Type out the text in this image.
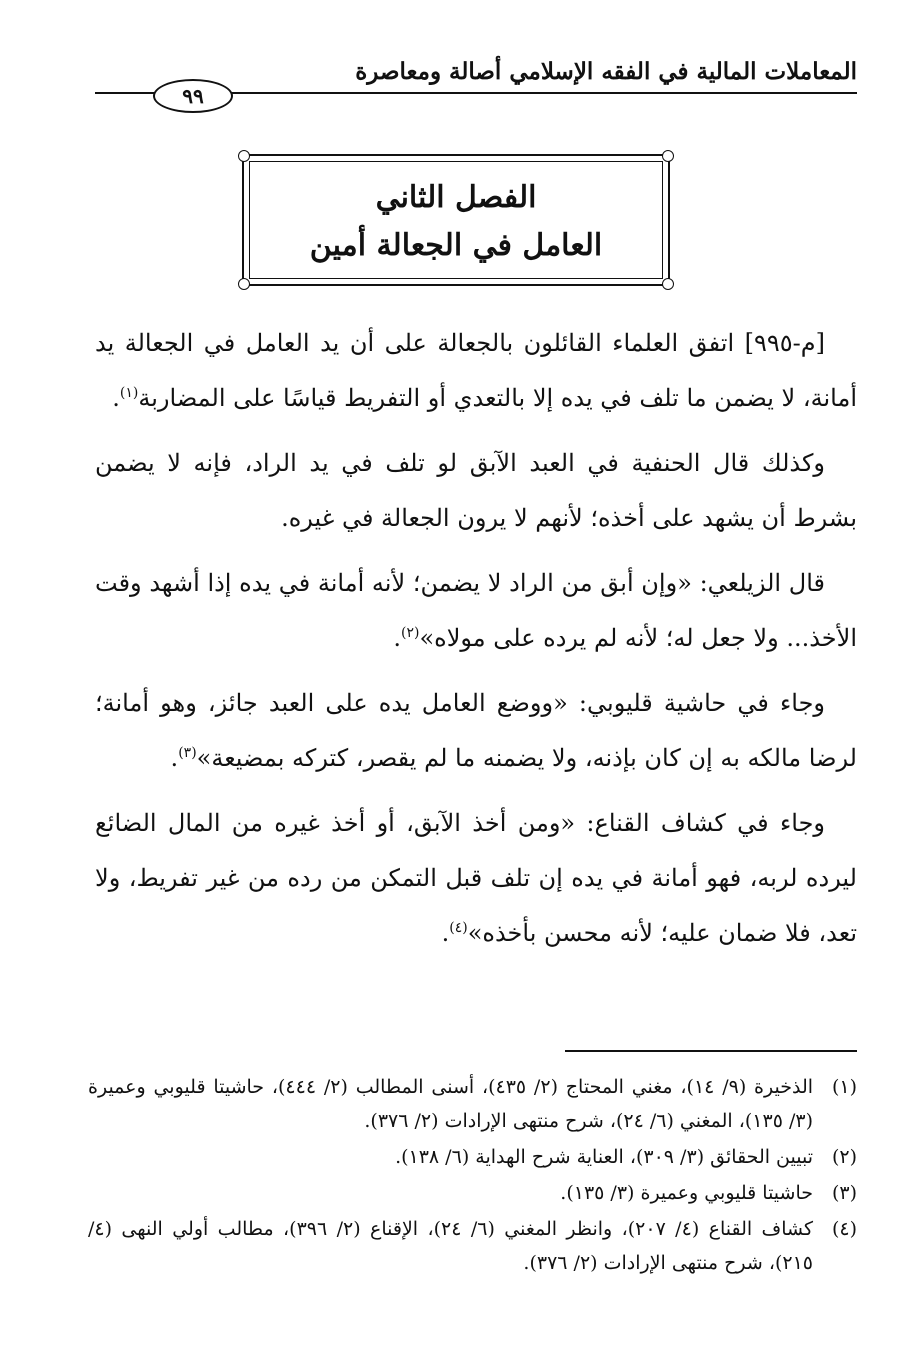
المعاملات المالية في الفقه الإسلامي أصالة ومعاصرة
٩٩
الفصل الثاني
العامل في الجعالة أمين

[م-٩٩٥] اتفق العلماء القائلون بالجعالة على أن يد العامل في الجعالة يد أمانة، لا يضمن ما تلف في يده إلا بالتعدي أو التفريط قياسًا على المضاربة$^{(١)}$.

وكذلك قال الحنفية في العبد الآبق لو تلف في يد الراد، فإنه لا يضمن بشرط أن يشهد على أخذه؛ لأنهم لا يرون الجعالة في غيره.

قال الزيلعي: «وإن أبق من الراد لا يضمن؛ لأنه أمانة في يده إذا أشهد وقت الأخذ... ولا جعل له؛ لأنه لم يرده على مولاه»$^{(٢)}$.

وجاء في حاشية قليوبي: «ووضع العامل يده على العبد جائز، وهو أمانة؛ لرضا مالكه به إن كان بإذنه، ولا يضمنه ما لم يقصر، كتركه بمضيعة»$^{(٣)}$.

وجاء في كشاف القناع: «ومن أخذ الآبق، أو أخذ غيره من المال الضائع ليرده لربه، فهو أمانة في يده إن تلف قبل التمكن من رده من غير تفريط، ولا تعد، فلا ضمان عليه؛ لأنه محسن بأخذه»$^{(٤)}$.

(١)
الذخيرة (٩/ ١٤)، مغني المحتاج (٢/ ٤٣٥)، أسنى المطالب (٢/ ٤٤٤)، حاشيتا قليوبي وعميرة (٣/ ١٣٥)، المغني (٦/ ٢٤)، شرح منتهى الإرادات (٢/ ٣٧٦).
(٢)
تبيين الحقائق (٣/ ٣٠٩)، العناية شرح الهداية (٦/ ١٣٨).
(٣)
حاشيتا قليوبي وعميرة (٣/ ١٣٥).
(٤)
كشاف القناع (٤/ ٢٠٧)، وانظر المغني (٦/ ٢٤)، الإقناع (٢/ ٣٩٦)، مطالب أولي النهى (٤/ ٢١٥)، شرح منتهى الإرادات (٢/ ٣٧٦).
